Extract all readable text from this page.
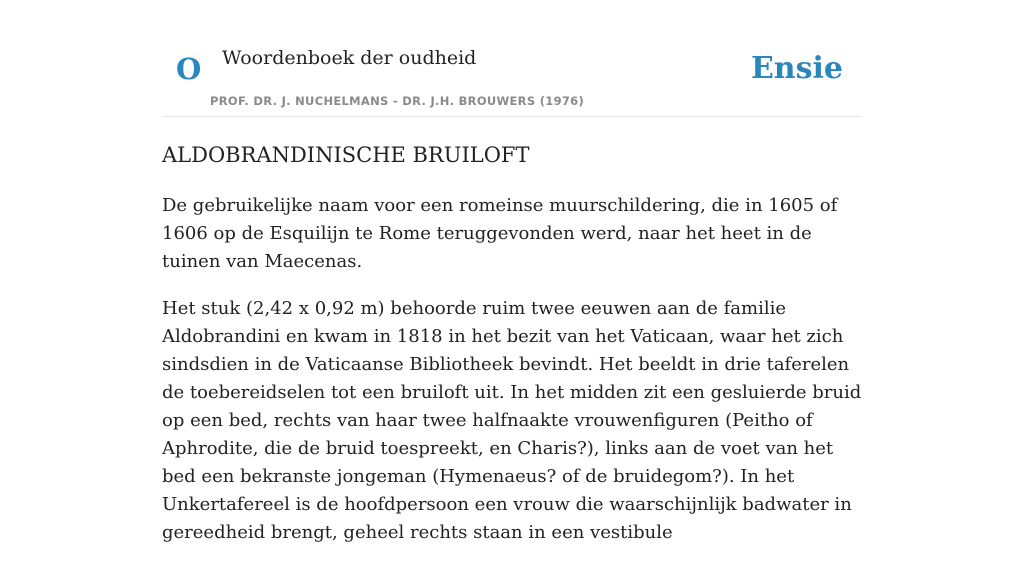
O Woordenboek der oudheid
PROF. DR. J. NUCHELMANS - DR. J.H. BROUWERS (1976)
Ensie
ALDOBRANDINISCHE BRUILOFT

De gebruikelijke naam voor een romeinse muurschildering, die in 1605 of 1606 op de Esquilijn te Rome teruggevonden werd, naar het heet in de tuinen van Maecenas.

Het stuk (2,42 x 0,92 m) behoorde ruim twee eeuwen aan de familie Aldobrandini en kwam in 1818 in het bezit van het Vaticaan, waar het zich sindsdien in de Vaticaanse Bibliotheek bevindt. Het beeldt in drie taferelen de toebereidselen tot een bruiloft uit. In het midden zit een gesluierde bruid op een bed, rechts van haar twee halfnaakte vrouwenfiguren (Peitho of Aphrodite, die de bruid toespreekt, en Charis?), links aan de voet van het bed een bekranste jongeman (Hymenaeus? of de bruidegom?). In het Unkertafereel is de hoofdpersoon een vrouw die waarschijnlijk badwater in gereedheid brengt, geheel rechts staan in een vestibule
